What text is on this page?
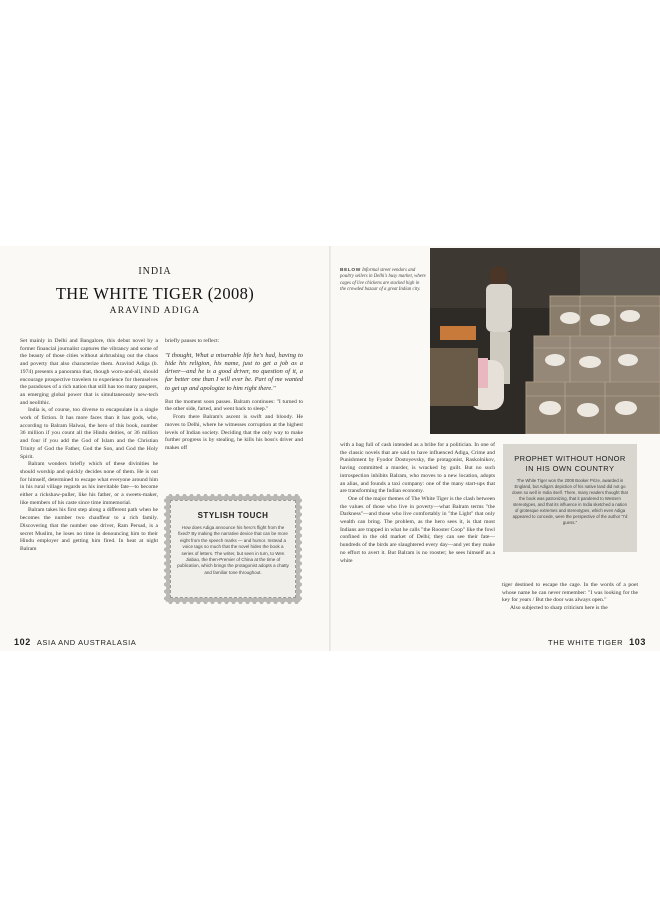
INDIA
THE WHITE TIGER (2008)
ARAVIND ADIGA

Set mainly in Delhi and Bangalore, this debut novel by a former financial journalist captures the vibrancy and some of the beauty of those cities without airbrushing out the chaos and poverty that also characterize them. Aravind Adiga (b. 1974) presents a panorama that, though worn-and-all, should encourage prospective travelers to experience for themselves the paradoxes of a rich nation that still has too many paupers, an emerging global power that is simultaneously new-tech and neolithic.

India is, of course, too diverse to encapsulate in a single work of fiction. It has more faces than it has gods, who, according to Balram Halwai, the hero of this book, number 36 million if you count all the Hindu deities, or 36 million and four if you add the God of Islam and the Christian Trinity of God the Father, God the Son, and God the Holy Spirit.

Balram wonders briefly which of these divinities he should worship and quickly decides none of them. He is out for himself, determined to escape what everyone around him in his rural village regards as his inevitable fate—to become either a rickshaw-puller, like his father, or a sweets-maker, like members of his caste since time immemorial.

Balram takes his first step along a different path when he becomes the number two chauffeur to a rich family. Discovering that the number one driver, Ram Persad, is a secret Muslim, he loses no time in denouncing him to their Hindu employer and getting him fired. In heat at night Balram

briefly pauses to reflect:

"I thought, What a miserable life he's had, having to hide his religion, his name, just to get a job as a driver—and he is a good driver, no question of it, a far better one than I will ever be. Part of me wanted to get up and apologize to him right there."

But the moment soon passes. Balram continues: "I turned to the other side, farted, and went back to sleep."

From there Balram's ascent is swift and bloody. He moves to Delhi, where he witnesses corruption at the highest levels of Indian society. Deciding that the only way to make further progress is by stealing, he kills his boss's driver and makes off

STYLISH TOUCH
How does Adiga announce his hero's flight from the fixed? By making the narrative device that can be more eight from the speech marks — and humor. Instead a voice tags so much that the novel hides the book a series of letters. The writer, but seen in turn, to Wen Jiabao, the then-Premier of China at the time of publication, which brings the protagonist adopts a chatty and familiar tone throughout.
102 ASIA AND AUSTRALASIA
BELOW Informal street vendors and poultry sellers in Delhi's busy market, where cages of live chickens are stacked high in the crowded bazaar of a great Indian city.

with a bag full of cash intended as a bribe for a politician. In one of the classic novels that are said to have influenced Adiga, Crime and Punishment by Fyodor Dostoyevsky, the protagonist, Raskolnikov, having committed a murder, is wracked by guilt. But no such introspection inhibits Balram, who moves to a new location, adopts an alias, and founds a taxi company: one of the many start-ups that are transforming the Indian economy.

One of the major themes of The White Tiger is the clash between the values of those who live in poverty—what Balram terms "the Darkness"—and those who live comfortably in "the Light" that only wealth can bring. The problem, as the hero sees it, is that most Indians are trapped in what he calls "the Rooster Coop" like the fowl confined in the old market of Delhi; they can see their fate—hundreds of the birds are slaughtered every day—and yet they make no effort to avert it. But Balram is no rooster; he sees himself as a white

PROPHET WITHOUT HONOR
IN HIS OWN COUNTRY
The White Tiger won the 2008 Booker Prize, awarded in England, but Adiga's depiction of his native land did not go down so well in India itself. There, many readers thought that the book was patronizing, that it pandered to Western stereotypes, and that its influence in India sketched a nation of grotesque extremes and stereotypes, which even Adiga appeared to concede, were the perspective of the author "I'd guess."

tiger destined to escape the cage. In the words of a poet whose name he can never remember: "I was looking for the key for years / But the door was always open."

Also subjected to sharp criticism here is the

THE WHITE TIGER 103
